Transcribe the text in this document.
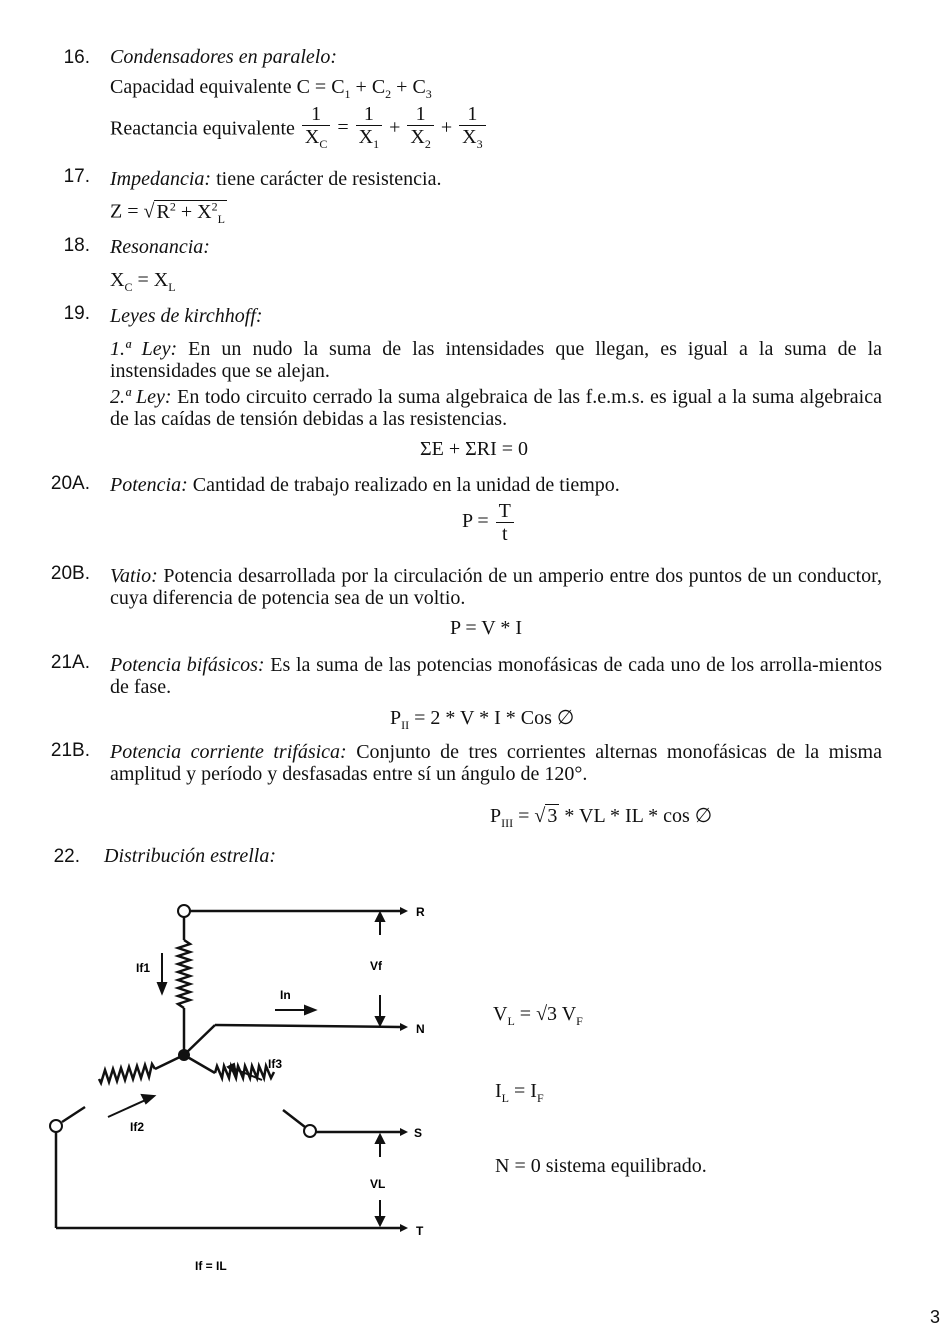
16. Condensadores en paralelo:
Capacidad equivalente $C = C_1 + C_2 + C_3$
Reactancia equivalente $\frac{1}{X_C} = \frac{1}{X_1} + \frac{1}{X_2} + \frac{1}{X_3}$
17. Impedancia: tiene carácter de resistencia.
Z = √ $R^2 + X^2_L$
18. Resonancia:
$X_C = X_L$
19. Leyes de kirchhoff:
1.ª Ley: En un nudo la suma de las intensidades que llegan, es igual a la suma de la instensidades que se alejan.
2.ª Ley: En todo circuito cerrado la suma algebraica de las f.e.m.s. es igual a la suma algebraica de las caídas de tensión debidas a las resistencias.
ΣE + ΣRI = 0
20A. Potencia: Cantidad de trabajo realizado en la unidad de tiempo.
$P = \frac{T}{t}$
20B. Vatio: Potencia desarrollada por la circulación de un amperio entre dos puntos de un conductor, cuya diferencia de potencia sea de un voltio.
P = V * I
21A. Potencia bifásicos: Es la suma de las potencias monofásicas de cada uno de los arrolla-mientos de fase.
$P_{II} = 2 * V * I$ * Cos ∅
21B. Potencia corriente trifásica: Conjunto de tres corrientes alternas monofásicas de la misma amplitud y período y desfasadas entre sí un ángulo de 120°.
$P_{III}$ = √ 3 * VL * IL * cos ∅
22. Distribución estrella:
R
N
S
T
Vf
VL
In
If1
If2
If3
If = IL
$V_L = √3$ $V_F$
$I_L = I_F$
N = 0 sistema equilibrado.
3
